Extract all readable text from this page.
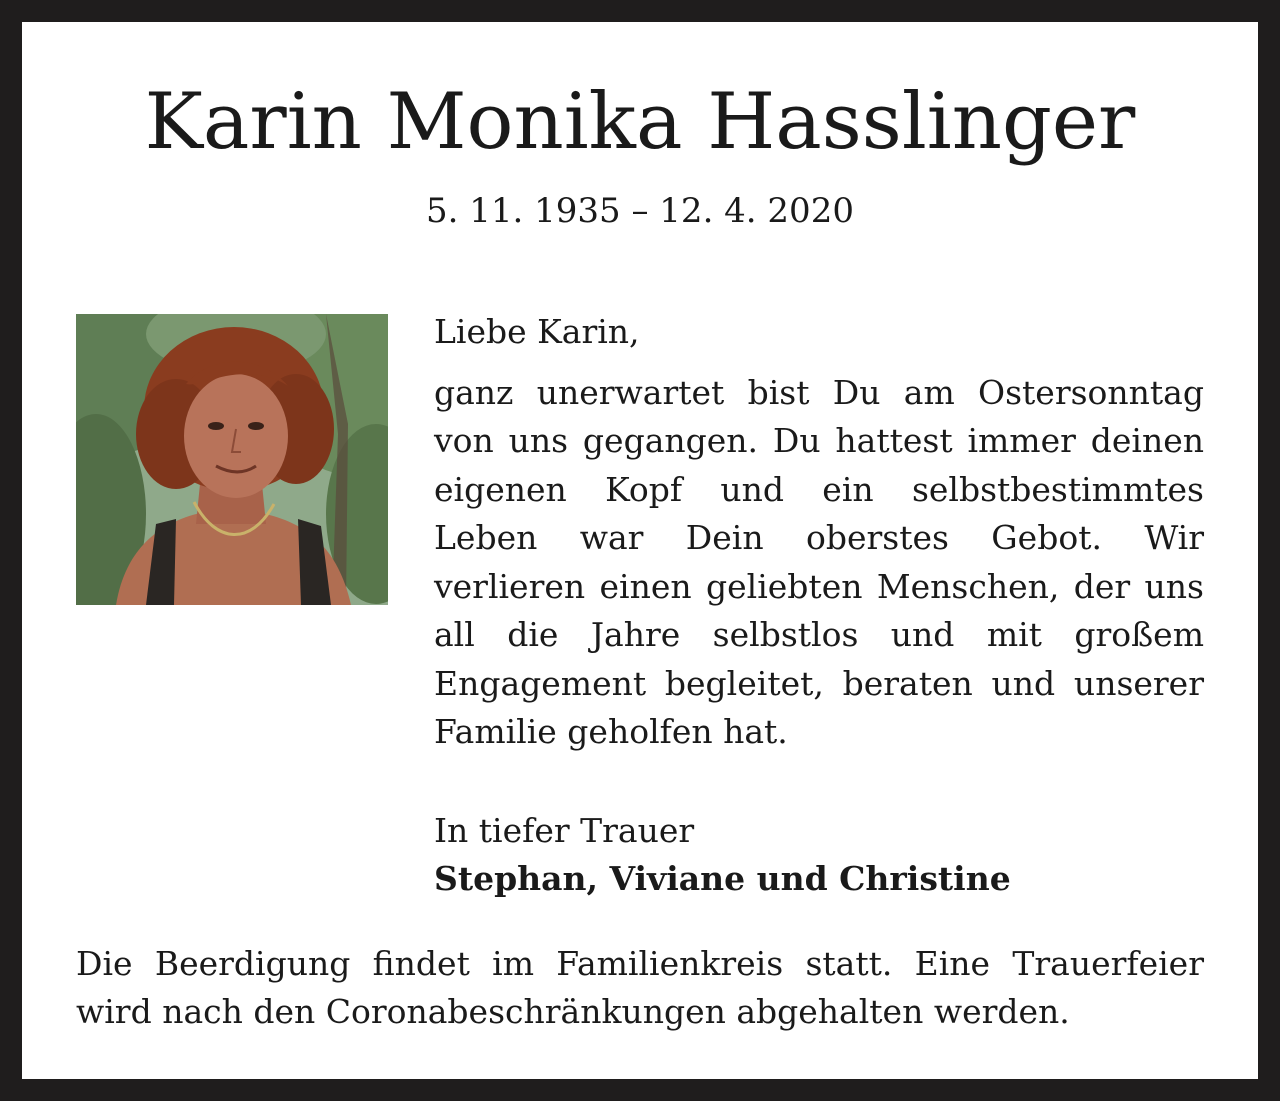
Karin Monika Hasslinger
5. 11. 1935 – 12. 4. 2020

Liebe Karin,

ganz unerwartet bist Du am Ostersonntag von uns gegangen. Du hattest immer deinen eigenen Kopf und ein selbstbestimmtes Leben war Dein oberstes Gebot. Wir verlieren einen geliebten Menschen, der uns all die Jahre selbstlos und mit großem Engagement begleitet, beraten und unserer Familie geholfen hat.

In tiefer Trauer

Stephan, Viviane und Christine

Die Beerdigung findet im Familienkreis statt. Eine Trauerfeier wird nach den Coronabeschränkungen abgehalten werden.
